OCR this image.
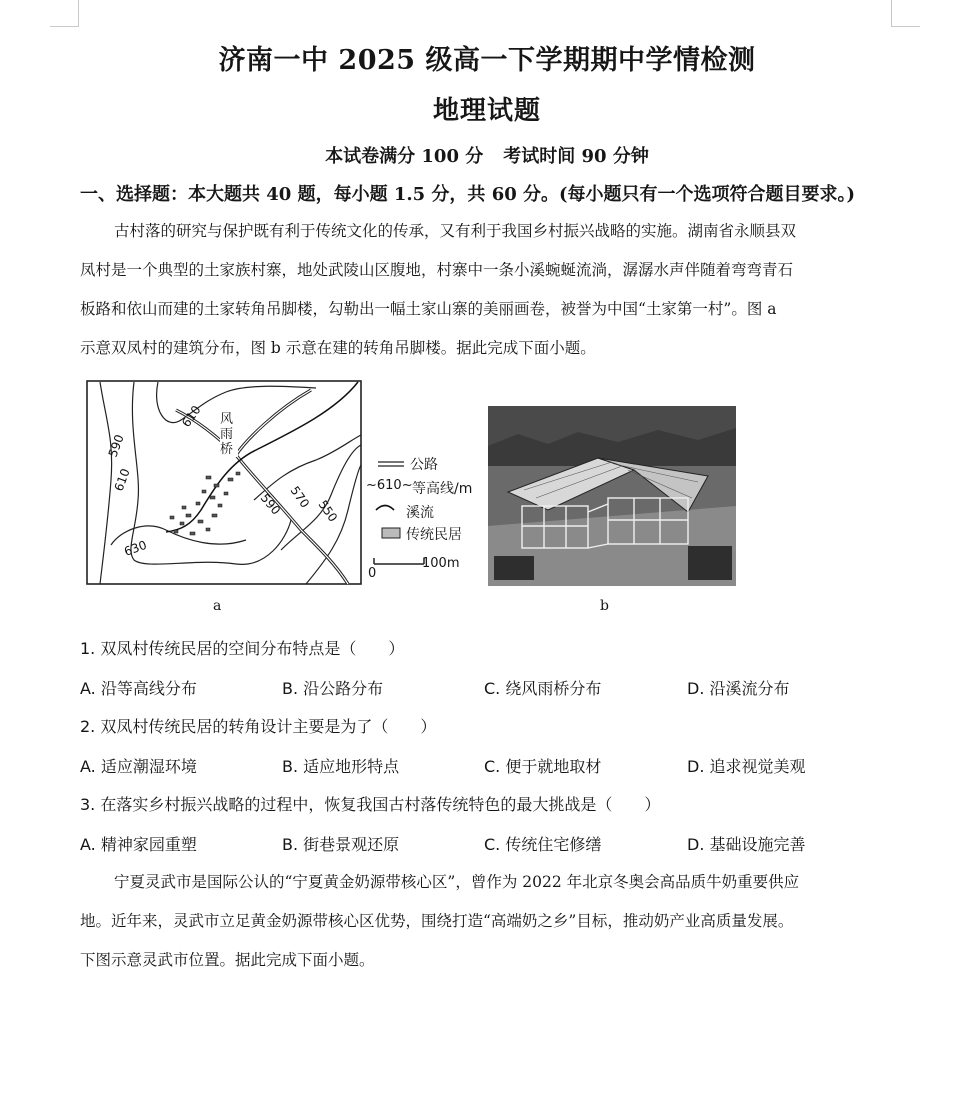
济南一中 2025 级高一下学期期中学情检测
地理试题
本试卷满分 100 分 考试时间 90 分钟
一、选择题：本大题共 40 题，每小题 1.5 分，共 60 分。(每小题只有一个选项符合题目要求。)
古村落的研究与保护既有利于传统文化的传承，又有利于我国乡村振兴战略的实施。湖南省永顺县双
凤村是一个典型的土家族村寨，地处武陵山区腹地，村寨中一条小溪蜿蜒流淌，潺潺水声伴随着弯弯青石
板路和依山而建的土家转角吊脚楼，勾勒出一幅土家山寨的美丽画卷，被誉为中国“土家第一村”。图 a
示意双凤村的建筑分布，图 b 示意在建的转角吊脚楼。据此完成下面小题。
610
590
610
630
590 570
550
风
雨
桥
公路
~610~ 等高线/m
溪流
传统民居
0
100m
a	b
1. 双凤村传统民居的空间分布特点是（　　）
A. 沿等高线分布	B. 沿公路分布	C. 绕风雨桥分布	D. 沿溪流分布
2. 双凤村传统民居的转角设计主要是为了（　　）
A. 适应潮湿环境	B. 适应地形特点	C. 便于就地取材	D. 追求视觉美观
3. 在落实乡村振兴战略的过程中，恢复我国古村落传统特色的最大挑战是（　　）
A. 精神家园重塑	B. 街巷景观还原	C. 传统住宅修缮	D. 基础设施完善
宁夏灵武市是国际公认的“宁夏黄金奶源带核心区”，曾作为 2022 年北京冬奥会高品质牛奶重要供应
地。近年来，灵武市立足黄金奶源带核心区优势，围绕打造“高端奶之乡”目标，推动奶产业高质量发展。
下图示意灵武市位置。据此完成下面小题。
